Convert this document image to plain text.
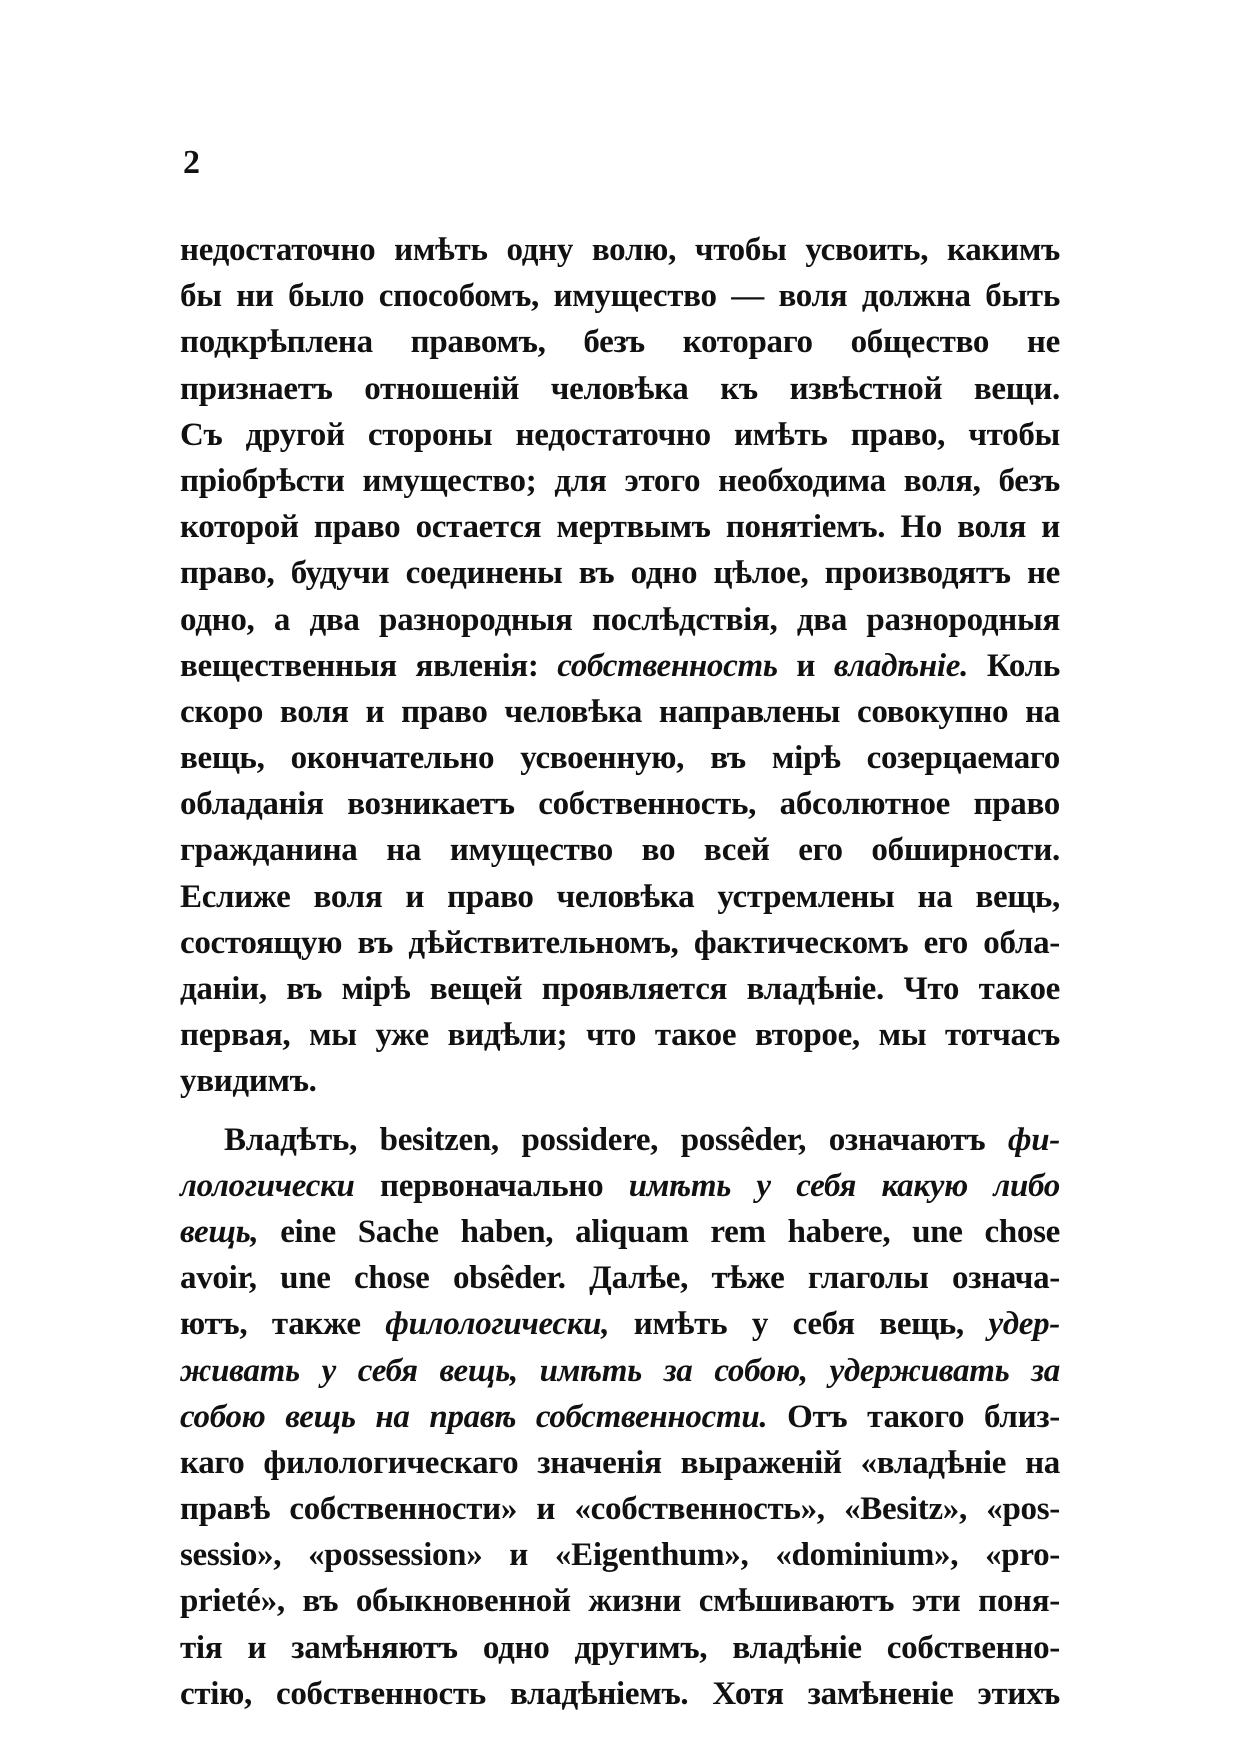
2
недостаточно имѣть одну волю, чтобы усвоить, какимъ
бы ни было способомъ, имущество — воля должна быть
подкрѣплена правомъ, безъ котораго общество не
признаетъ отношеній человѣка къ извѣстной вещи.
Съ другой стороны недостаточно имѣть право, чтобы
пріобрѣсти имущество; для этого необходима воля, безъ
которой право остается мертвымъ понятіемъ. Но воля и
право, будучи соединены въ одно цѣлое, производятъ не
одно, а два разнородныя послѣдствія, два разнородныя
вещественныя явленія: собственность и владѣніе. Коль
скоро воля и право человѣка направлены совокупно на
вещь, окончательно усвоенную, въ мірѣ созерцаемаго
обладанія возникаетъ собственность, абсолютное право
гражданина на имущество во всей его обширности.
Еслиже воля и право человѣка устремлены на вещь,
состоящую въ дѣйствительномъ, фактическомъ его обла-
даніи, въ мірѣ вещей проявляется владѣніе. Что такое
первая, мы уже видѣли; что такое второе, мы тотчасъ
увидимъ.
Владѣть, besitzen, possidere, possêder, означаютъ фи-
лологически первоначально имѣть у себя какую либо
вещь, eine Sache haben, aliquam rem habere, une chose
avoir, une chose obsêder. Далѣе, тѣже глаголы означа-
ютъ, также филологически, имѣть у себя вещь, удер-
живать у себя вещь, имѣть за собою, удерживать за
собою вещь на правѣ собственности. Отъ такого близ-
каго филологическаго значенія выраженій «владѣніе на
правѣ собственности» и «собственность», «Besitz», «pos-
sessio», «possession» и «Eigenthum», «dominium», «pro-
prieté», въ обыкновенной жизни смѣшиваютъ эти поня-
тія и замѣняютъ одно другимъ, владѣніе собственно-
стію, собственность владѣніемъ. Хотя замѣненіе этихъ
